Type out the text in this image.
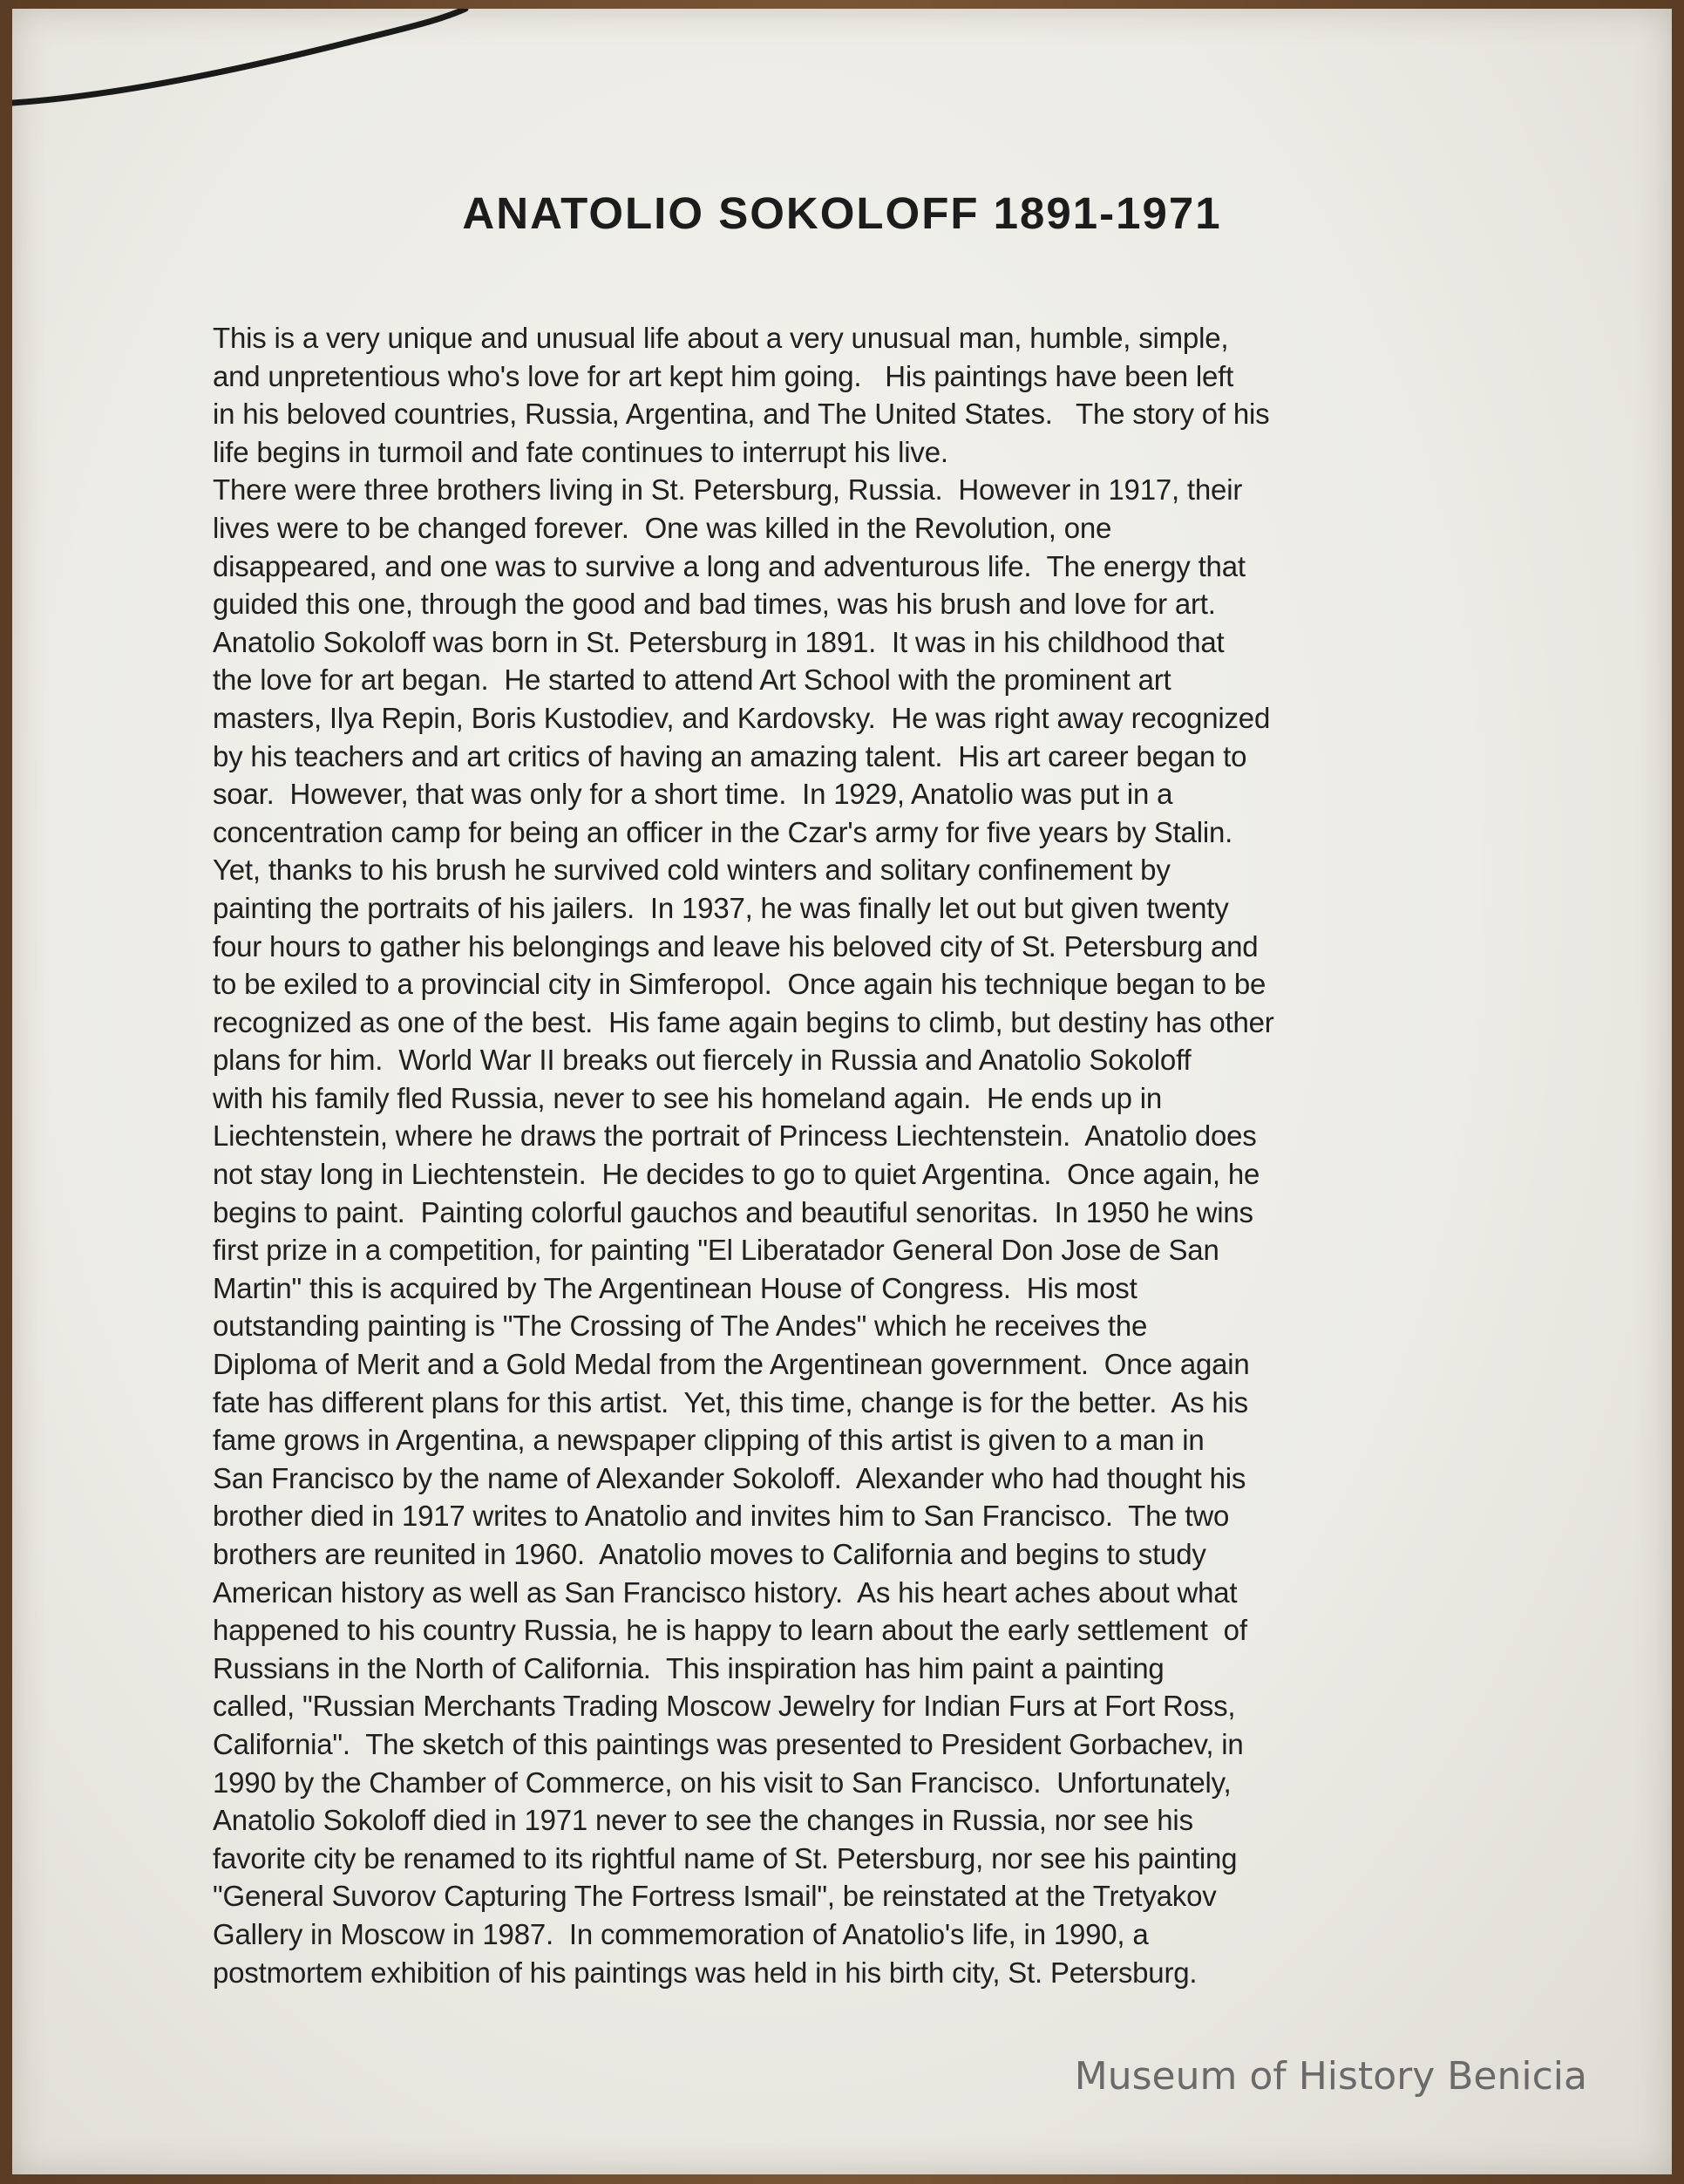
ANATOLIO SOKOLOFF 1891-1971

This is a very unique and unusual life about a very unusual man, humble, simple,

and unpretentious who's love for art kept him going.   His paintings have been left

in his beloved countries, Russia, Argentina, and The United States.   The story of his

life begins in turmoil and fate continues to interrupt his live.

There were three brothers living in St. Petersburg, Russia.  However in 1917, their

lives were to be changed forever.  One was killed in the Revolution, one

disappeared, and one was to survive a long and adventurous life.  The energy that

guided this one, through the good and bad times, was his brush and love for art.

Anatolio Sokoloff was born in St. Petersburg in 1891.  It was in his childhood that

the love for art began.  He started to attend Art School with the prominent art

masters, Ilya Repin, Boris Kustodiev, and Kardovsky.  He was right away recognized

by his teachers and art critics of having an amazing talent.  His art career began to

soar.  However, that was only for a short time.  In 1929, Anatolio was put in a

concentration camp for being an officer in the Czar's army for five years by Stalin.

Yet, thanks to his brush he survived cold winters and solitary confinement by

painting the portraits of his jailers.  In 1937, he was finally let out but given twenty

four hours to gather his belongings and leave his beloved city of St. Petersburg and

to be exiled to a provincial city in Simferopol.  Once again his technique began to be

recognized as one of the best.  His fame again begins to climb, but destiny has other

plans for him.  World War II breaks out fiercely in Russia and Anatolio Sokoloff

with his family fled Russia, never to see his homeland again.  He ends up in

Liechtenstein, where he draws the portrait of Princess Liechtenstein.  Anatolio does

not stay long in Liechtenstein.  He decides to go to quiet Argentina.  Once again, he

begins to paint.  Painting colorful gauchos and beautiful senoritas.  In 1950 he wins

first prize in a competition, for painting "El Liberatador General Don Jose de San

Martin" this is acquired by The Argentinean House of Congress.  His most

outstanding painting is "The Crossing of The Andes" which he receives the

Diploma of Merit and a Gold Medal from the Argentinean government.  Once again

fate has different plans for this artist.  Yet, this time, change is for the better.  As his

fame grows in Argentina, a newspaper clipping of this artist is given to a man in

San Francisco by the name of Alexander Sokoloff.  Alexander who had thought his

brother died in 1917 writes to Anatolio and invites him to San Francisco.  The two

brothers are reunited in 1960.  Anatolio moves to California and begins to study

American history as well as San Francisco history.  As his heart aches about what

happened to his country Russia, he is happy to learn about the early settlement  of

Russians in the North of California.  This inspiration has him paint a painting

called, "Russian Merchants Trading Moscow Jewelry for Indian Furs at Fort Ross,

California".  The sketch of this paintings was presented to President Gorbachev, in

1990 by the Chamber of Commerce, on his visit to San Francisco.  Unfortunately,

Anatolio Sokoloff died in 1971 never to see the changes in Russia, nor see his

favorite city be renamed to its rightful name of St. Petersburg, nor see his painting

"General Suvorov Capturing The Fortress Ismail", be reinstated at the Tretyakov

Gallery in Moscow in 1987.  In commemoration of Anatolio's life, in 1990, a

postmortem exhibition of his paintings was held in his birth city, St. Petersburg.

Museum of History Benicia
